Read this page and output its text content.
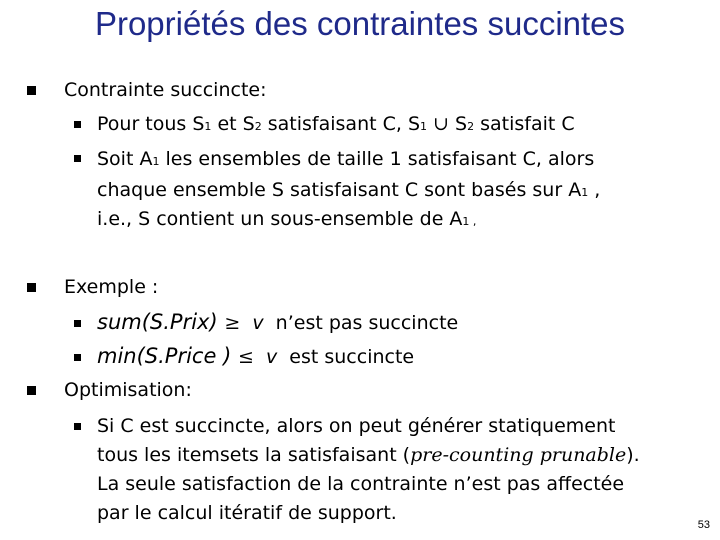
Propriétés des contraintes succintes
Contrainte succincte:
Pour tous S1 et S2 satisfaisant C, S1 ∪ S2 satisfait C
Soit A1 les ensembles de taille 1 satisfaisant C, alors
chaque ensemble S satisfaisant C sont basés sur A1 ,
i.e., S contient un sous-ensemble de A1 ,
Exemple :
sum(S.Prix) ≥  v  n’est pas succincte
min(S.Price ) ≤  v  est succincte
Optimisation:
Si C est succincte, alors on peut générer statiquement
tous les itemsets la satisfaisant (pre-counting prunable).
La seule satisfaction de la contrainte n’est pas affectée
par le calcul itératif de support.
53
